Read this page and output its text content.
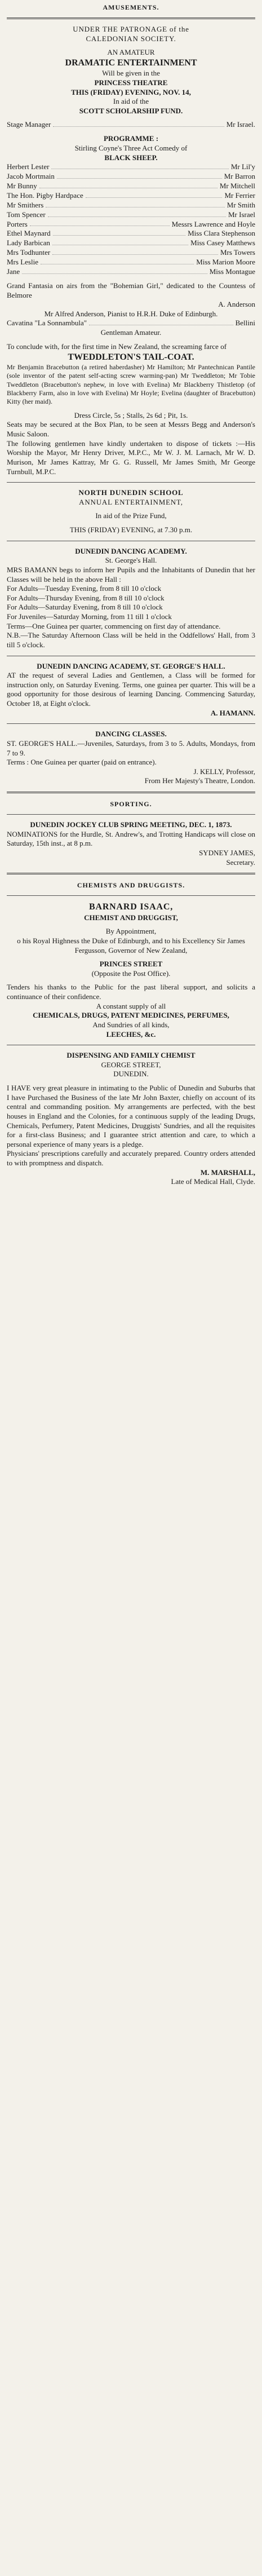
AMUSEMENTS.

UNDER THE PATRONAGE of the

CALEDONIAN SOCIETY.

AN AMATEUR

DRAMATIC ENTERTAINMENT

Will be given in the

PRINCESS THEATRE

THIS (FRIDAY) EVENING, NOV. 14,

In aid of the

SCOTT SCHOLARSHIP FUND.

Stage Manager	Mr Israel.

PROGRAMME :

Stirling Coyne's Three Act Comedy of

BLACK SHEEP.

Herbert Lester	Mr Lil'y
Jacob Mortmain	Mr Barron
Mr Bunny	Mr Mitchell
The Hon. Pigby Hardpace	Mr Ferrier
Mr Smithers	Mr Smith
Tom Spencer	Mr Israel
Porters	Messrs Lawrence and Hoyle
Ethel Maynard	Miss Clara Stephenson
Lady Barbican	Miss Casey Matthews
Mrs Todhunter	Mrs Towers
Mrs Leslie	Miss Marion Moore
Jane	Miss Montague

Grand Fantasia on airs from the "Bohemian Girl," dedicated to the Countess of Belmore

A. Anderson

Mr Alfred Anderson, Pianist to H.R.H. Duke of Edinburgh.

Cavatina "La Sonnambula"	Bellini

Gentleman Amateur.

To conclude with, for the first time in New Zealand, the screaming farce of

TWEDDLETON'S TAIL-COAT.

Mr Benjamin Bracebutton (a retired haberdasher) Mr Hamilton; Mr Pantechnican Pantile (sole inventor of the patent self-acting screw warming-pan) Mr Tweddleton; Mr Tobie Tweddleton (Bracebutton's nephew, in love with Evelina) Mr Blackberry Thistletop (of Blackberry Farm, also in love with Evelina) Mr Hoyle; Evelina (daughter of Bracebutton) Kitty (her maid).

Dress Circle, 5s ; Stalls, 2s 6d ; Pit, 1s.

Seats may be secured at the Box Plan, to be seen at Messrs Begg and Anderson's Music Saloon.

The following gentlemen have kindly undertaken to dispose of tickets :—His Worship the Mayor, Mr Henry Driver, M.P.C., Mr W. J. M. Larnach, Mr W. D. Murison, Mr James Kattray, Mr G. G. Russell, Mr James Smith, Mr George Turnbull, M.P.C.

NORTH DUNEDIN SCHOOL

ANNUAL ENTERTAINMENT,

In aid of the Prize Fund,

THIS (FRIDAY) EVENING, at 7.30 p.m.

DUNEDIN DANCING ACADEMY.

St. George's Hall.

MRS BAMANN begs to inform her Pupils and the Inhabitants of Dunedin that her Classes will be held in the above Hall :

For Adults—Tuesday Evening, from 8 till 10 o'clock

For Adults—Thursday Evening, from 8 till 10 o'clock

For Adults—Saturday Evening, from 8 till 10 o'clock

For Juveniles—Saturday Morning, from 11 till 1 o'clock

Terms—One Guinea per quarter, commencing on first day of attendance.

N.B.—The Saturday Afternoon Class will be held in the Oddfellows' Hall, from 3 till 5 o'clock.

DUNEDIN DANCING ACADEMY, ST. GEORGE'S HALL.

AT the request of several Ladies and Gentlemen, a Class will be formed for instruction only, on Saturday Evening. Terms, one guinea per quarter. This will be a good opportunity for those desirous of learning Dancing. Commencing Saturday, October 18, at Eight o'clock.

A. HAMANN.

DANCING CLASSES.

ST. GEORGE'S HALL.—Juveniles, Saturdays, from 3 to 5. Adults, Mondays, from 7 to 9.

Terms : One Guinea per quarter (paid on entrance).

J. KELLY, Professor,

From Her Majesty's Theatre, London.

SPORTING.

DUNEDIN JOCKEY CLUB SPRING MEETING, DEC. 1, 1873.

NOMINATIONS for the Hurdle, St. Andrew's, and Trotting Handicaps will close on Saturday, 15th inst., at 8 p.m.

SYDNEY JAMES,

Secretary.

CHEMISTS AND DRUGGISTS.

BARNARD ISAAC,

CHEMIST AND DRUGGIST,

By Appointment,

o his Royal Highness the Duke of Edinburgh, and to his Excellency Sir James Fergusson, Governor of New Zealand,

PRINCES STREET

(Opposite the Post Office).

Tenders his thanks to the Public for the past liberal support, and solicits a continuance of their confidence.

A constant supply of all

CHEMICALS, DRUGS, PATENT MEDICINES, PERFUMES,

And Sundries of all kinds,

LEECHES, &c.

DISPENSING AND FAMILY CHEMIST

GEORGE STREET,

DUNEDIN.

I HAVE very great pleasure in intimating to the Public of Dunedin and Suburbs that I have Purchased the Business of the late Mr John Baxter, chiefly on account of its central and commanding position. My arrangements are perfected, with the best houses in England and the Colonies, for a continuous supply of the leading Drugs, Chemicals, Perfumery, Patent Medicines, Druggists' Sundries, and all the requisites for a first-class Business; and I guarantee strict attention and care, to which a personal experience of many years is a pledge.

Physicians' prescriptions carefully and accurately prepared. Country orders attended to with promptness and dispatch.

M. MARSHALL,

Late of Medical Hall, Clyde.
